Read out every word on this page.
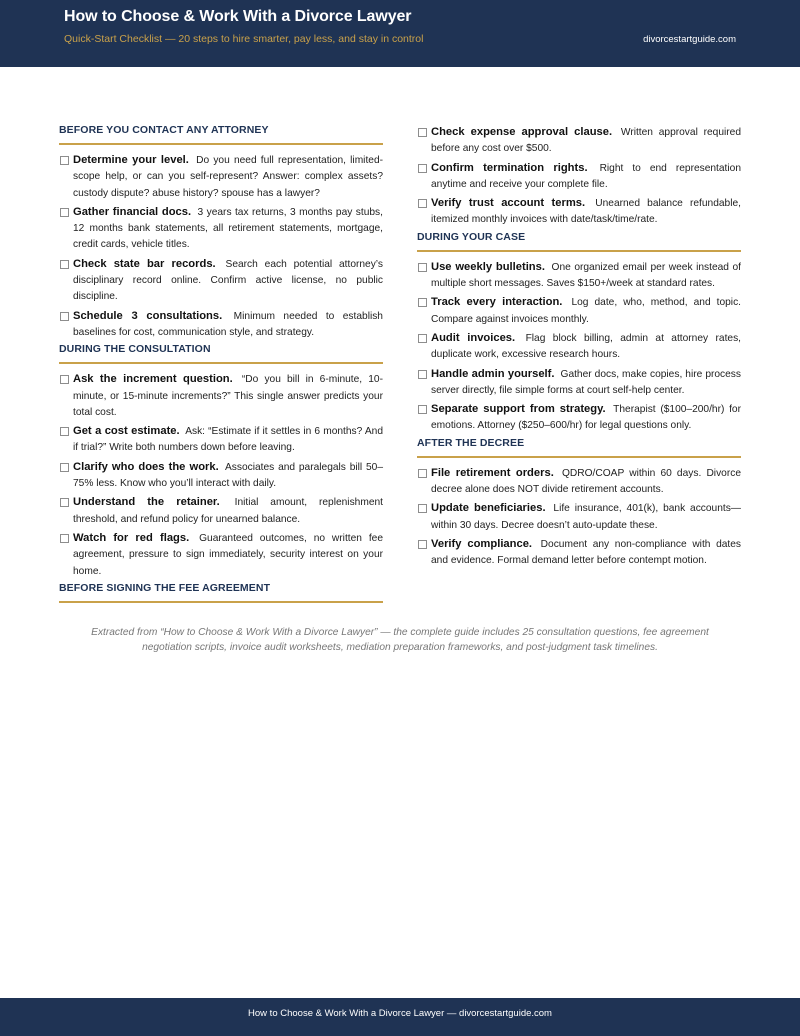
How to Choose & Work With a Divorce Lawyer
Quick-Start Checklist — 20 steps to hire smarter, pay less, and stay in control	divorcestartguide.com
BEFORE YOU CONTACT ANY ATTORNEY
Determine your level. Do you need full representation, limited-scope help, or can you self-represent? Answer: complex assets? custody dispute? abuse history? spouse has a lawyer?
Gather financial docs. 3 years tax returns, 3 months pay stubs, 12 months bank statements, all retirement statements, mortgage, credit cards, vehicle titles.
Check state bar records. Search each potential attorney’s disciplinary record online. Confirm active license, no public discipline.
Schedule 3 consultations. Minimum needed to establish baselines for cost, communication style, and strategy.
DURING THE CONSULTATION
Ask the increment question. “Do you bill in 6-minute, 10-minute, or 15-minute increments?” This single answer predicts your total cost.
Get a cost estimate. Ask: “Estimate if it settles in 6 months? And if trial?” Write both numbers down before leaving.
Clarify who does the work. Associates and paralegals bill 50–75% less. Know who you’ll interact with daily.
Understand the retainer. Initial amount, replenishment threshold, and refund policy for unearned balance.
Watch for red flags. Guaranteed outcomes, no written fee agreement, pressure to sign immediately, security interest on your home.
BEFORE SIGNING THE FEE AGREEMENT
Check expense approval clause. Written approval required before any cost over $500.
Confirm termination rights. Right to end representation anytime and receive your complete file.
Verify trust account terms. Unearned balance refundable, itemized monthly invoices with date/task/time/rate.
DURING YOUR CASE
Use weekly bulletins. One organized email per week instead of multiple short messages. Saves $150+/week at standard rates.
Track every interaction. Log date, who, method, and topic. Compare against invoices monthly.
Audit invoices. Flag block billing, admin at attorney rates, duplicate work, excessive research hours.
Handle admin yourself. Gather docs, make copies, hire process server directly, file simple forms at court self-help center.
Separate support from strategy. Therapist ($100–200/hr) for emotions. Attorney ($250–600/hr) for legal questions only.
AFTER THE DECREE
File retirement orders. QDRO/COAP within 60 days. Divorce decree alone does NOT divide retirement accounts.
Update beneficiaries. Life insurance, 401(k), bank accounts—within 30 days. Decree doesn’t auto-update these.
Verify compliance. Document any non-compliance with dates and evidence. Formal demand letter before contempt motion.
Extracted from “How to Choose & Work With a Divorce Lawyer” — the complete guide includes 25 consultation questions, fee agreement negotiation scripts, invoice audit worksheets, mediation preparation frameworks, and post-judgment task timelines.
How to Choose & Work With a Divorce Lawyer — divorcestartguide.com
